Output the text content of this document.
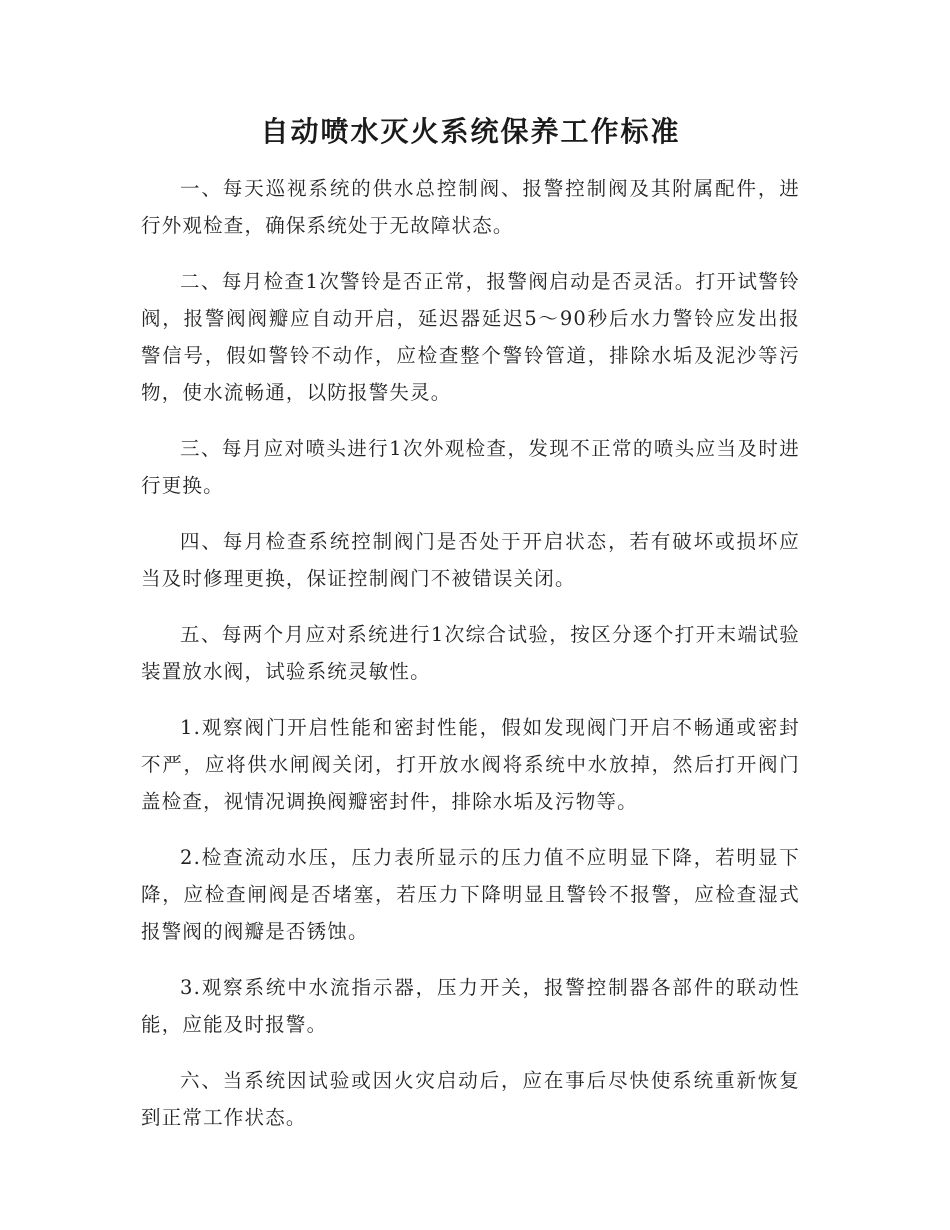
自动喷水灭火系统保养工作标准

一、每天巡视系统的供水总控制阀、报警控制阀及其附属配件，进行外观检查，确保系统处于无故障状态。

二、每月检查1次警铃是否正常，报警阀启动是否灵活。打开试警铃阀，报警阀阀瓣应自动开启，延迟器延迟5～90秒后水力警铃应发出报警信号，假如警铃不动作，应检查整个警铃管道，排除水垢及泥沙等污物，使水流畅通，以防报警失灵。

三、每月应对喷头进行1次外观检查，发现不正常的喷头应当及时进行更换。

四、每月检查系统控制阀门是否处于开启状态，若有破坏或损坏应当及时修理更换，保证控制阀门不被错误关闭。

五、每两个月应对系统进行1次综合试验，按区分逐个打开末端试验装置放水阀，试验系统灵敏性。

1.观察阀门开启性能和密封性能，假如发现阀门开启不畅通或密封不严，应将供水闸阀关闭，打开放水阀将系统中水放掉，然后打开阀门盖检查，视情况调换阀瓣密封件，排除水垢及污物等。

2.检查流动水压，压力表所显示的压力值不应明显下降，若明显下降，应检查闸阀是否堵塞，若压力下降明显且警铃不报警，应检查湿式报警阀的阀瓣是否锈蚀。

3.观察系统中水流指示器，压力开关，报警控制器各部件的联动性能，应能及时报警。

六、当系统因试验或因火灾启动后，应在事后尽快使系统重新恢复到正常工作状态。
